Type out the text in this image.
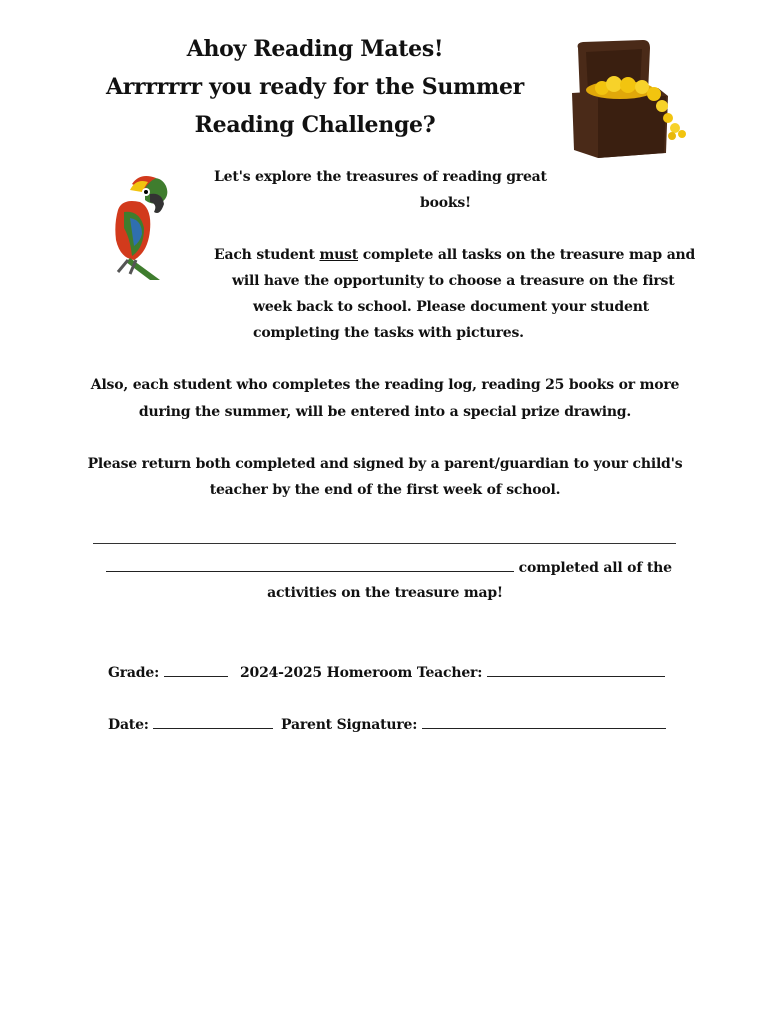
Ahoy Reading Mates!
Arrrrrrr you ready for the Summer
Reading Challenge?
Let's explore the treasures of reading great
books!
Each student must complete all tasks on the treasure map and
will have the opportunity to choose a treasure on the first
week back to school. Please document your student
completing the tasks with pictures.
Also, each student who completes the reading log, reading 25 books or more
during the summer, will be entered into a special prize drawing.
Please return both completed and signed by a parent/guardian to your child's
teacher by the end of the first week of school.
completed all of the
activities on the treasure map!
Grade:	2024-2025 Homeroom Teacher:
Date:	Parent Signature:
